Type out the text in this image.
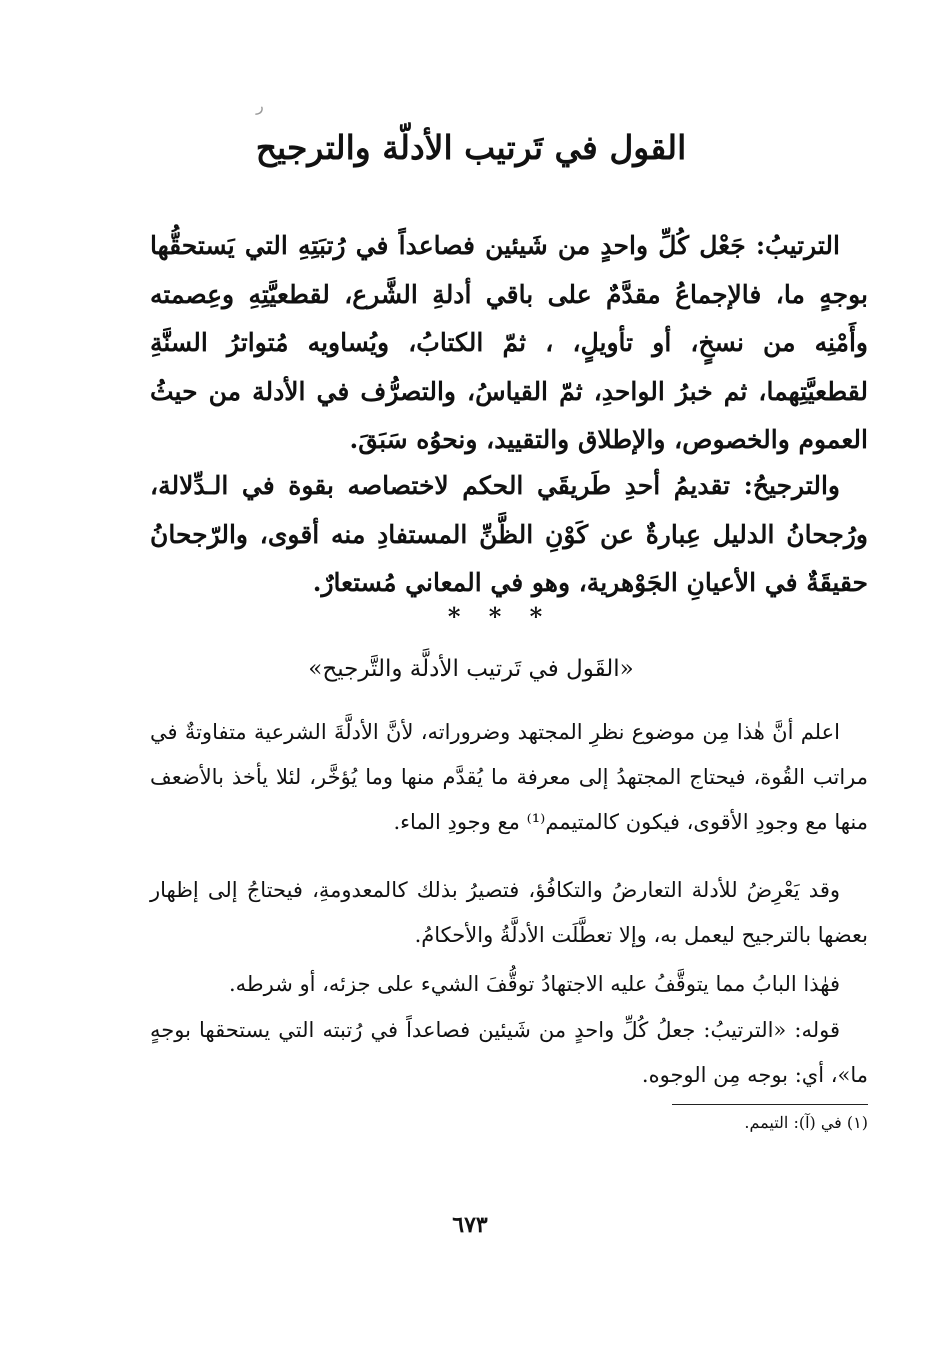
ﺭ
القول في تَرتيب الأدلّة والترجيح

الترتيبُ: جَعْل كُلِّ واحدٍ من شَيئين فصاعداً في رُتبَتِهِ التي يَستحقُّها بوجهٍ ما، فالإجماعُ مقدَّمٌ على باقي أدلةِ الشَّرع، لقطعيَّتِهِ وعِصمته وأَمْنِه من نسخٍ، أو تأويلٍ، ، ثمّ الكتابُ، ويُساويه مُتواترُ السنَّةِ لقطعيَّتِهما، ثم خبرُ الواحدِ، ثمّ القياسُ، والتصرُّف في الأدلة من حيثُ العموم والخصوص، والإطلاق والتقييد، ونحوُه سَبَقَ.

والترجيحُ: تقديمُ أحدِ طَريقَي الحكم لاختصاصه بقوة في الـدِّلالة، ورُجحانُ الدليل عِبارةٌ عن كَوْنِ الظَّنِّ المستفادِ منه أقوى، والرّجحانُ حقيقَةٌ في الأعيانِ الجَوْهرية، وهو في المعاني مُستعارٌ.

* * *
«القَول في تَرتيب الأدلَّة والتَّرجيح»

اعلم أنَّ هٰذا مِن موضوع نظرِ المجتهد وضروراته، لأنَّ الأدلَّةَ الشرعية متفاوتةٌ في مراتب القُوة، فيحتاج المجتهدُ إلى معرفة ما يُقدَّم منها وما يُؤخَّر، لئلا يأخذ بالأضعف منها مع وجودِ الأقوى، فيكون كالمتيمم⁽¹⁾ مع وجودِ الماء.

وقد يَعْرِضُ للأدلة التعارضُ والتكافُؤ، فتصيرُ بذلك كالمعدومةِ، فيحتاجُ إلى إظهار بعضها بالترجيح ليعمل به، وإلا تعطَّلَت الأدلَّةُ والأحكامُ.

فهٰذا البابُ مما يتوقَّفُ عليه الاجتهادُ توقُّفَ الشيء على جزئه، أو شرطه.

قوله: «الترتيبُ: جعلُ كُلِّ واحدٍ من شَيئين فصاعداً في رُتبته التي يستحقها بوجهٍ ما»، أي: بوجه مِن الوجوه.

(١) في (آ): التيمم.
٦٧٣
